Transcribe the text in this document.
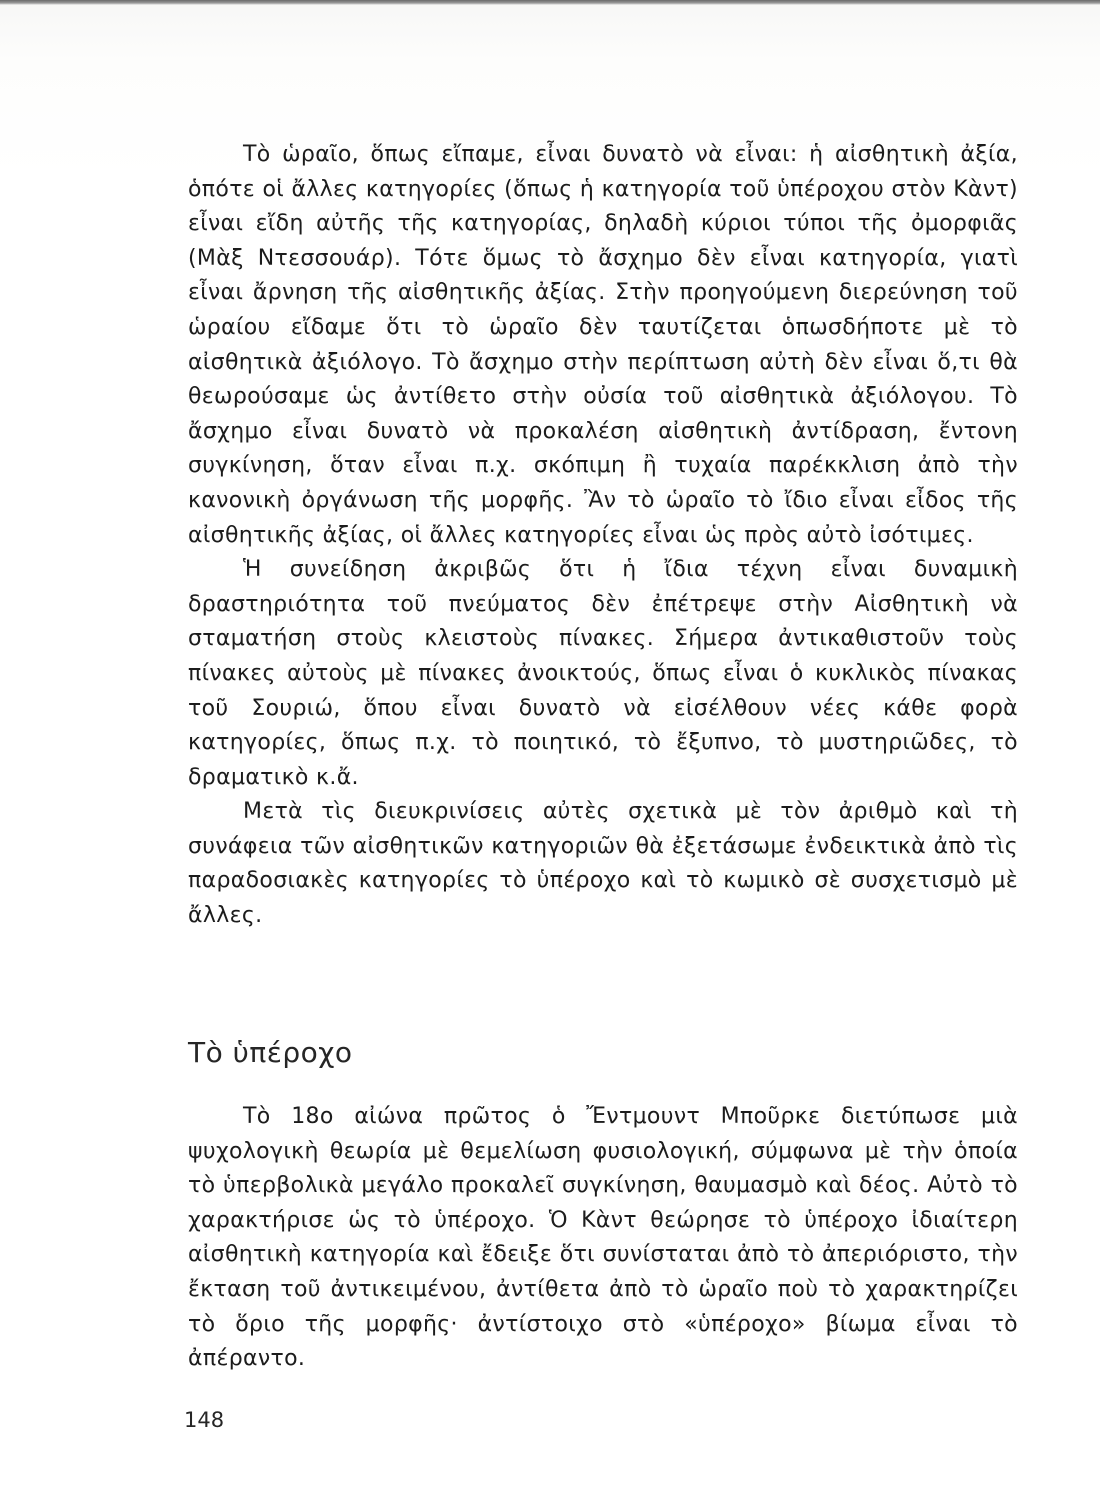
Τὸ ὡραῖο, ὅπως εἴπαμε, εἶναι δυνατὸ νὰ εἶναι: ἡ αἰσθητικὴ ἀξία, ὁπότε οἱ ἄλλες κατηγορίες (ὅπως ἡ κατηγορία τοῦ ὑπέροχου στὸν Κὰντ) εἶναι εἴδη αὐτῆς τῆς κατηγορίας, δηλαδὴ κύριοι τύποι τῆς ὀμορφιᾶς (Μὰξ Ντεσσουάρ). Τότε ὅμως τὸ ἄσχημο δὲν εἶναι κατηγορία, γιατὶ εἶναι ἄρνηση τῆς αἰσθητικῆς ἀξίας. Στὴν προηγούμενη διερεύνηση τοῦ ὡραίου εἴδαμε ὅτι τὸ ὡραῖο δὲν ταυτίζεται ὁπωσδήποτε μὲ τὸ αἰσθητικὰ ἀξιόλογο. Τὸ ἄσχημο στὴν περίπτωση αὐτὴ δὲν εἶναι ὅ,τι θὰ θεωρούσαμε ὡς ἀντίθετο στὴν οὐσία τοῦ αἰσθητικὰ ἀξιόλογου. Τὸ ἄσχημο εἶναι δυνατὸ νὰ προκαλέση αἰσθητικὴ ἀντίδραση, ἔντονη συγκίνηση, ὅταν εἶναι π.χ. σκόπιμη ἢ τυχαία παρέκκλιση ἀπὸ τὴν κανονικὴ ὀργάνωση τῆς μορφῆς. Ἂν τὸ ὡραῖο τὸ ἴδιο εἶναι εἶδος τῆς αἰσθητικῆς ἀξίας, οἱ ἄλλες κατηγορίες εἶναι ὡς πρὸς αὐτὸ ἰσότιμες.

Ἡ συνείδηση ἀκριβῶς ὅτι ἡ ἴδια τέχνη εἶναι δυναμικὴ δραστηριότητα τοῦ πνεύματος δὲν ἐπέτρεψε στὴν Αἰσθητικὴ νὰ σταματήση στοὺς κλειστοὺς πίνακες. Σήμερα ἀντικαθιστοῦν τοὺς πίνακες αὐτοὺς μὲ πίνακες ἀνοικτούς, ὅπως εἶναι ὁ κυκλικὸς πίνακας τοῦ Σουριώ, ὅπου εἶναι δυνατὸ νὰ εἰσέλθουν νέες κάθε φορὰ κατηγορίες, ὅπως π.χ. τὸ ποιητικό, τὸ ἔξυπνο, τὸ μυστηριῶδες, τὸ δραματικὸ κ.ἄ.

Μετὰ τὶς διευκρινίσεις αὐτὲς σχετικὰ μὲ τὸν ἀριθμὸ καὶ τὴ συνάφεια τῶν αἰσθητικῶν κατηγοριῶν θὰ ἐξετάσωμε ἐνδεικτικὰ ἀπὸ τὶς παραδοσιακὲς κατηγορίες τὸ ὑπέροχο καὶ τὸ κωμικὸ σὲ συσχετισμὸ μὲ ἄλλες.

Τὸ ὑπέροχο

Τὸ 18ο αἰώνα πρῶτος ὁ Ἔντμουντ Μποῦρκε διετύπωσε μιὰ ψυχολογικὴ θεωρία μὲ θεμελίωση φυσιολογική, σύμφωνα μὲ τὴν ὁποία τὸ ὑπερβολικὰ μεγάλο προκαλεῖ συγκίνηση, θαυμασμὸ καὶ δέος. Αὐτὸ τὸ χαρακτήρισε ὡς τὸ ὑπέροχο. Ὁ Κὰντ θεώρησε τὸ ὑπέροχο ἰδιαίτερη αἰσθητικὴ κατηγορία καὶ ἔδειξε ὅτι συνίσταται ἀπὸ τὸ ἀπεριόριστο, τὴν ἔκταση τοῦ ἀντικειμένου, ἀντίθετα ἀπὸ τὸ ὡραῖο ποὺ τὸ χαρακτηρίζει τὸ ὅριο τῆς μορφῆς· ἀντίστοιχο στὸ «ὑπέροχο» βίωμα εἶναι τὸ ἀπέραντο.

148
